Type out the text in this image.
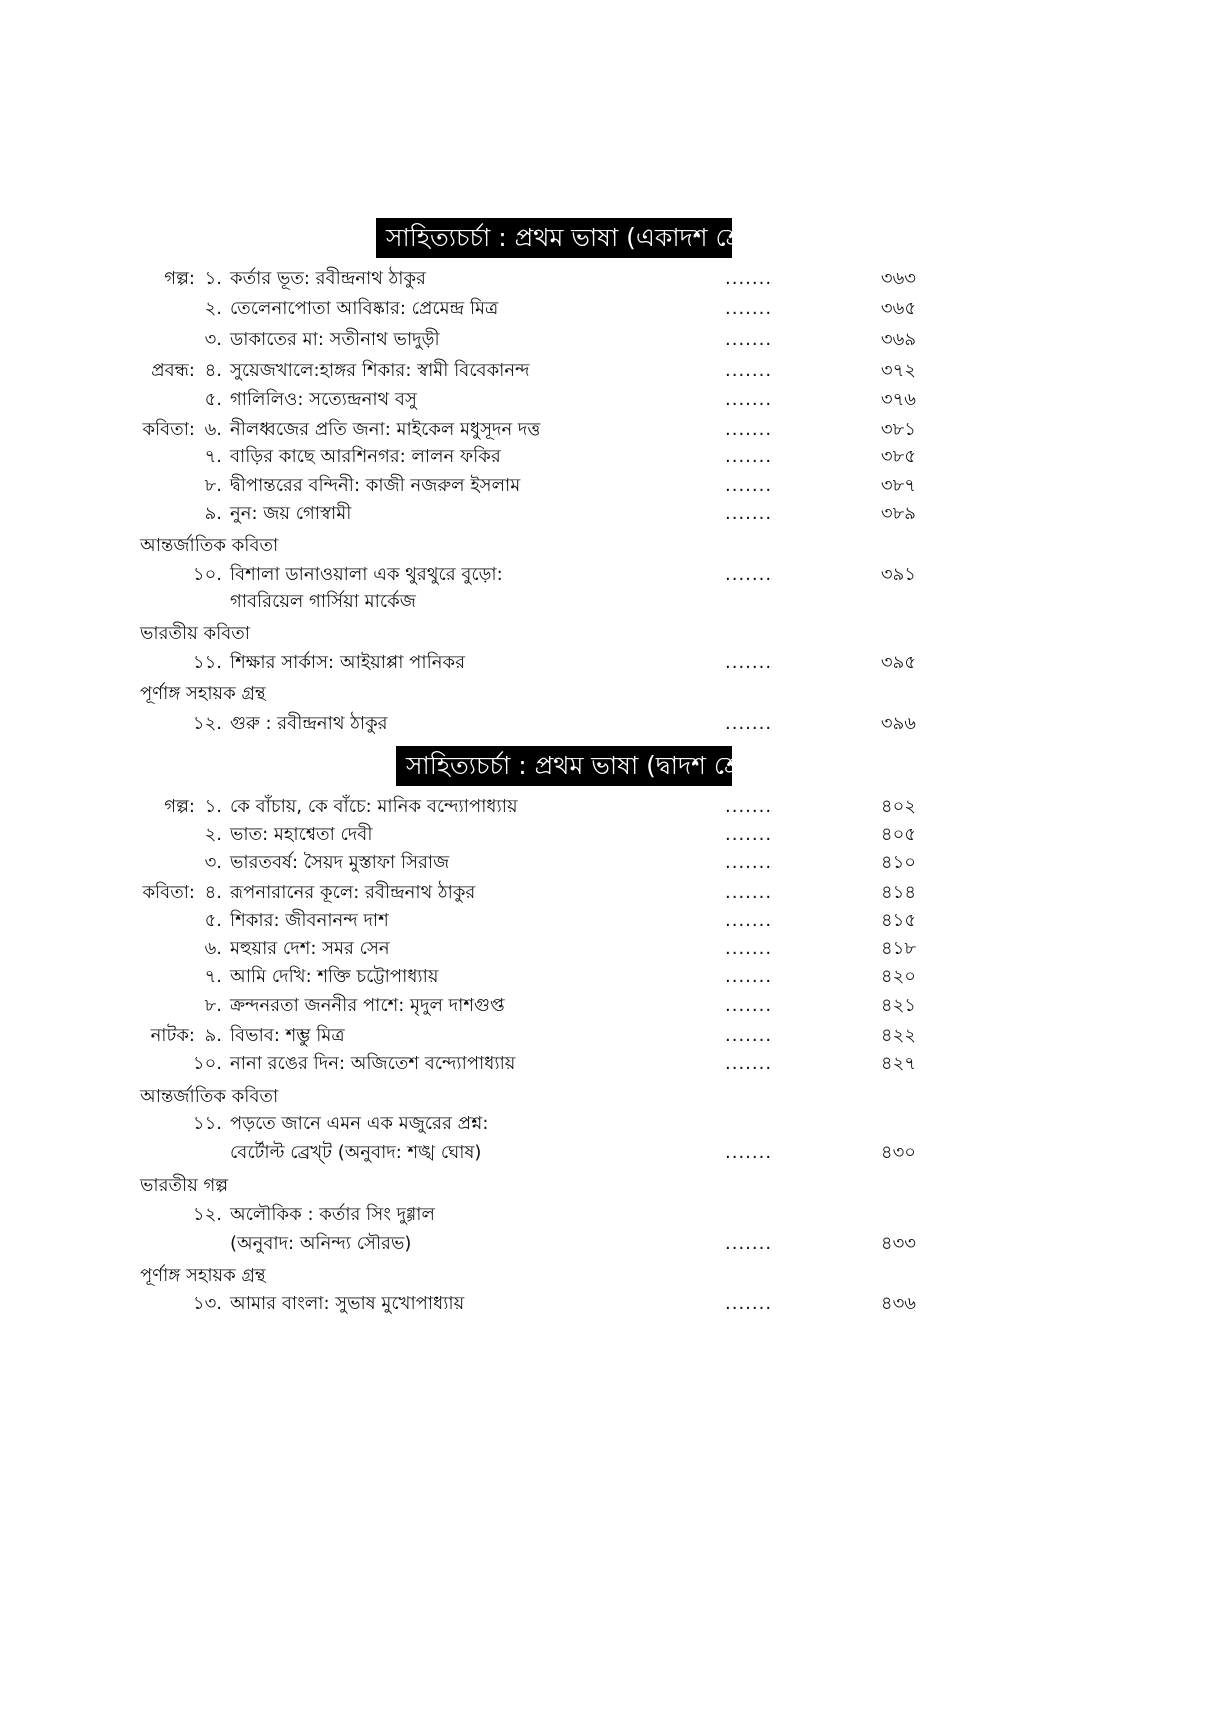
সাহিত্যচর্চা : প্রথম ভাষা (একাদশ শ্রেণি)
গল্প: ১. কর্তার ভূত: রবীন্দ্রনাথ ঠাকুর	.......	৩৬৩
২. তেলেনাপোতা আবিষ্কার: প্রেমেন্দ্র মিত্র	.......	৩৬৫
৩. ডাকাতের মা: সতীনাথ ভাদুড়ী	.......	৩৬৯
প্রবন্ধ: ৪. সুয়েজখালে:হাঙ্গর শিকার: স্বামী বিবেকানন্দ	.......	৩৭২
৫. গালিলিও: সত্যেন্দ্রনাথ বসু	.......	৩৭৬
কবিতা: ৬. নীলধ্বজের প্রতি জনা: মাইকেল মধুসূদন দত্ত	.......	৩৮১
৭. বাড়ির কাছে আরশিনগর: লালন ফকির	.......	৩৮৫
৮. দ্বীপান্তরের বন্দিনী: কাজী নজরুল ইসলাম	.......	৩৮৭
৯. নুন: জয় গোস্বামী	.......	৩৮৯
আন্তর্জাতিক কবিতা
১০. বিশালা ডানাওয়ালা এক থুরথুরে বুড়ো:	.......	৩৯১
গাবরিয়েল গার্সিয়া মার্কেজ
ভারতীয় কবিতা
১১. শিক্ষার সার্কাস: আইয়াপ্পা পানিকর	.......	৩৯৫
পূর্ণাঙ্গ সহায়ক গ্রন্থ
১২. গুরু : রবীন্দ্রনাথ ঠাকুর	.......	৩৯৬
সাহিত্যচর্চা : প্রথম ভাষা (দ্বাদশ শ্রেণি)
গল্প: ১. কে বাঁচায়, কে বাঁচে: মানিক বন্দ্যোপাধ্যায়	.......	৪০২
২. ভাত: মহাশ্বেতা দেবী	.......	৪০৫
৩. ভারতবর্ষ: সৈয়দ মুস্তাফা সিরাজ	.......	৪১০
কবিতা: ৪. রূপনারানের কূলে: রবীন্দ্রনাথ ঠাকুর	.......	৪১৪
৫. শিকার: জীবনানন্দ দাশ	.......	৪১৫
৬. মহুয়ার দেশ: সমর সেন	.......	৪১৮
৭. আমি দেখি: শক্তি চট্টোপাধ্যায়	.......	৪২০
৮. ক্রন্দনরতা জননীর পাশে: মৃদুল দাশগুপ্ত	.......	৪২১
নাটক: ৯. বিভাব: শম্ভু মিত্র	.......	৪২২
১০. নানা রঙের দিন: অজিতেশ বন্দ্যোপাধ্যায়	.......	৪২৭
আন্তর্জাতিক কবিতা
১১. পড়তে জানে এমন এক মজুরের প্রশ্ন:
বের্টোল্ট ব্রেখ্ট (অনুবাদ: শঙ্খ ঘোষ)	.......	৪৩০
ভারতীয় গল্প
১২. অলৌকিক : কর্তার সিং দুগ্গাল
(অনুবাদ: অনিন্দ্য সৌরভ)	.......	৪৩৩
পূর্ণাঙ্গ সহায়ক গ্রন্থ
১৩. আমার বাংলা: সুভাষ মুখোপাধ্যায়	.......	৪৩৬
